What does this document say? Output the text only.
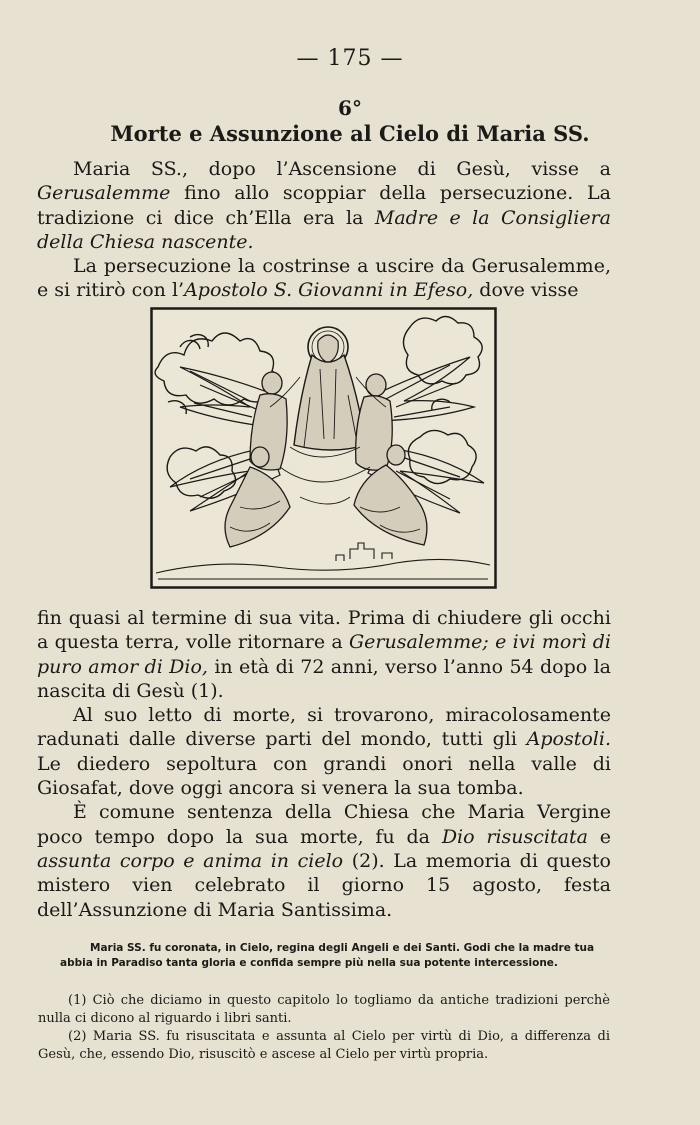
— 175 —
6°
Morte e Assunzione al Cielo di Maria SS.

Maria SS., dopo l’Ascensione di Gesù, visse a Gerusalemme fino allo scoppiar della persecuzione. La tradizione ci dice ch’Ella era la Madre e la Consigliera della Chiesa nascente.

La persecuzione la costrinse a uscire da Gerusalemme, e si ritirò con l’Apostolo S. Giovanni in Efeso, dove visse

fin quasi al termine di sua vita. Prima di chiudere gli occhi a questa terra, volle ritornare a Gerusalemme; e ivi morì di puro amor di Dio, in età di 72 anni, verso l’anno 54 dopo la nascita di Gesù (1).

Al suo letto di morte, si trovarono, miracolosamente radunati dalle diverse parti del mondo, tutti gli Apostoli. Le diedero sepoltura con grandi onori nella valle di Giosafat, dove oggi ancora si venera la sua tomba.

È comune sentenza della Chiesa che Maria Vergine poco tempo dopo la sua morte, fu da Dio risuscitata e assunta corpo e anima in cielo (2). La memoria di questo mistero vien celebrato il giorno 15 agosto, festa dell’Assunzione di Maria Santissima.

Maria SS. fu coronata, in Cielo, regina degli Angeli e dei Santi. Godi che la madre tua abbia in Paradiso tanta gloria e confida sempre più nella sua potente intercessione.

(1) Ciò che diciamo in questo capitolo lo togliamo da antiche tradizioni perchè nulla ci dicono al riguardo i libri santi.

(2) Maria SS. fu risuscitata e assunta al Cielo per virtù di Dio, a differenza di Gesù, che, essendo Dio, risuscitò e ascese al Cielo per virtù propria.
